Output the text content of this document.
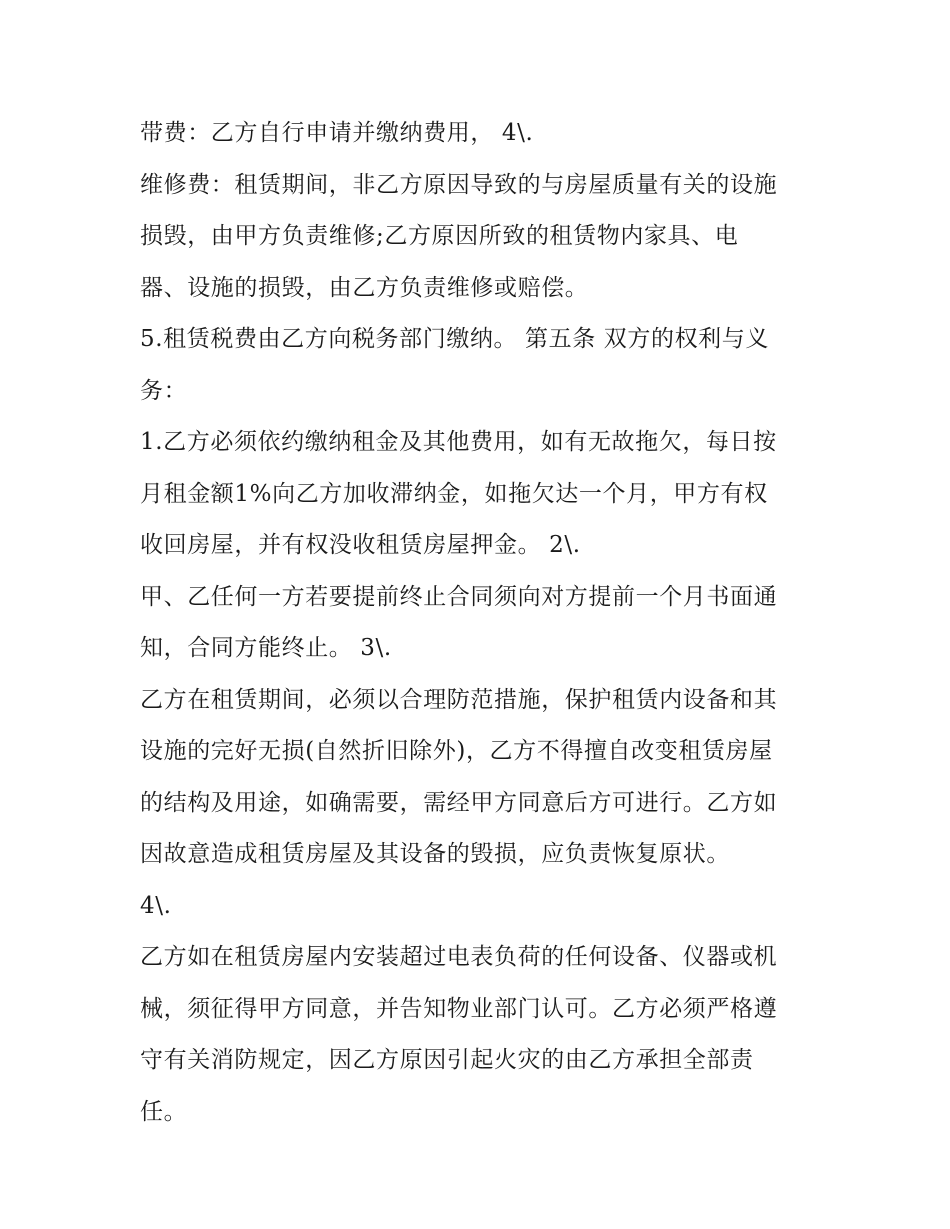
带费：乙方自行申请并缴纳费用， 4\.
维修费：租赁期间，非乙方原因导致的与房屋质量有关的设施
损毁，由甲方负责维修;乙方原因所致的租赁物内家具、电
器、设施的损毁，由乙方负责维修或赔偿。
5.租赁税费由乙方向税务部门缴纳。 第五条 双方的权利与义
务：
1.乙方必须依约缴纳租金及其他费用，如有无故拖欠，每日按
月租金额1%向乙方加收滞纳金，如拖欠达一个月，甲方有权
收回房屋，并有权没收租赁房屋押金。 2\.
甲、乙任何一方若要提前终止合同须向对方提前一个月书面通
知，合同方能终止。 3\.
乙方在租赁期间，必须以合理防范措施，保护租赁内设备和其
设施的完好无损(自然折旧除外)，乙方不得擅自改变租赁房屋
的结构及用途，如确需要，需经甲方同意后方可进行。乙方如
因故意造成租赁房屋及其设备的毁损，应负责恢复原状。
4\.
乙方如在租赁房屋内安装超过电表负荷的任何设备、仪器或机
械，须征得甲方同意，并告知物业部门认可。乙方必须严格遵
守有关消防规定，因乙方原因引起火灾的由乙方承担全部责
任。
